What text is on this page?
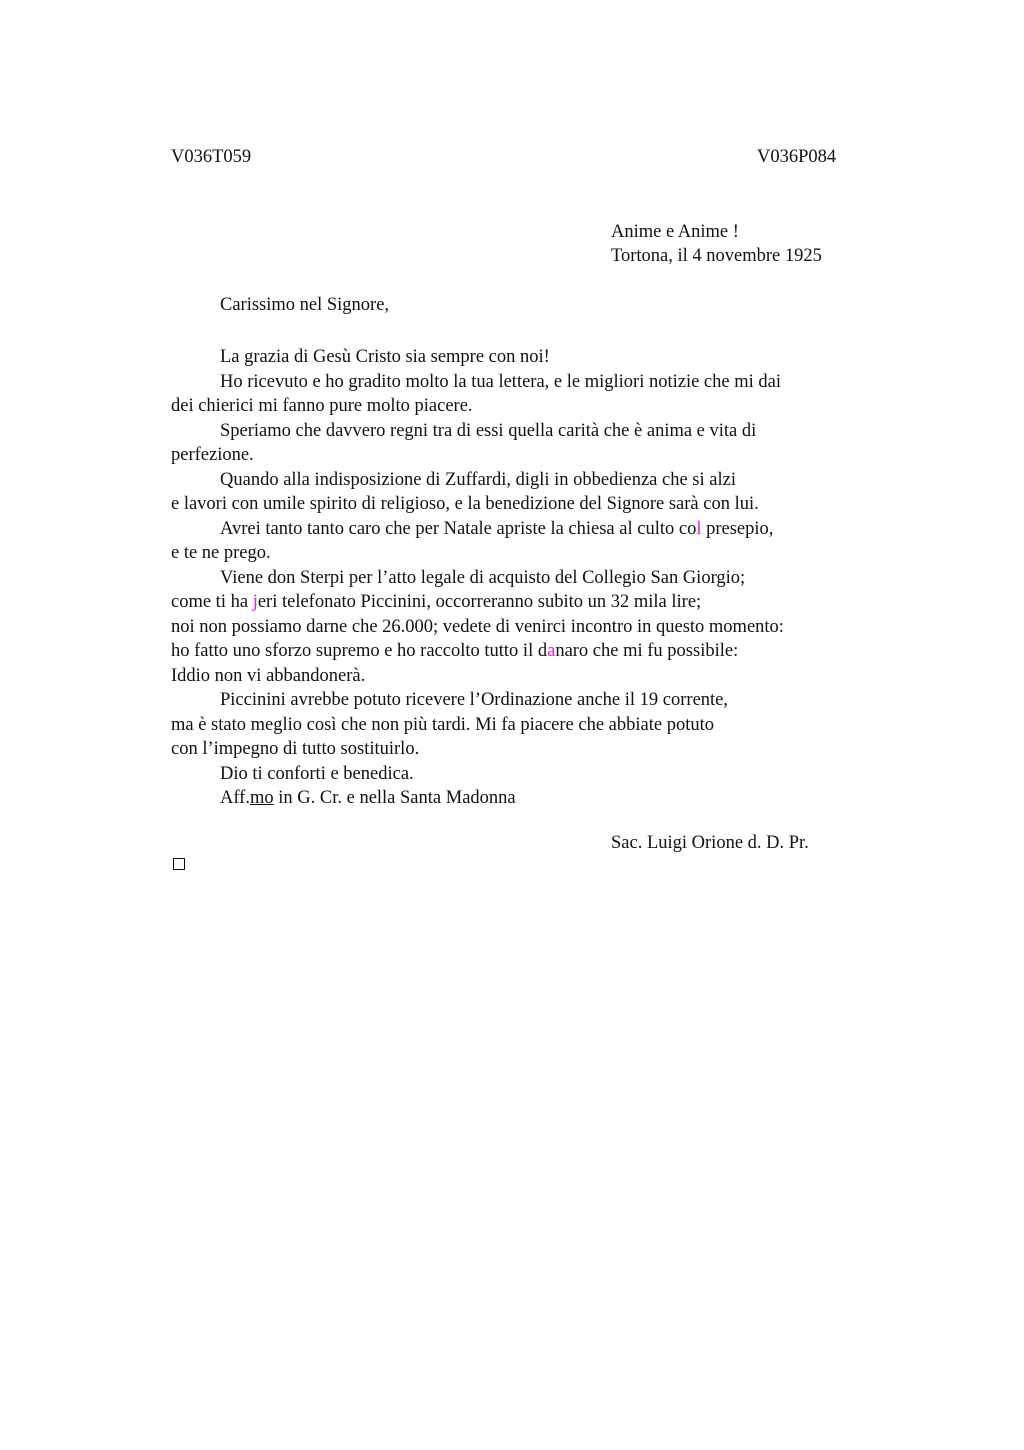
V036T059	V036P084
Anime e Anime !
Tortona, il 4 novembre 1925
Carissimo nel Signore,
La grazia di Gesù Cristo sia sempre con noi!
Ho ricevuto e ho gradito molto la tua lettera, e le migliori notizie che mi dai
dei chierici mi fanno pure molto piacere.
Speriamo che davvero regni tra di essi quella carità che è anima e vita di
perfezione.
Quando alla indisposizione di Zuffardi, digli in obbedienza che si alzi
e lavori con umile spirito di religioso, e la benedizione del Signore sarà con lui.
Avrei tanto tanto caro che per Natale apriste la chiesa al culto col presepio,
e te ne prego.
Viene don Sterpi per l’atto legale di acquisto del Collegio San Giorgio;
come ti ha jeri telefonato Piccinini, occorreranno subito un 32 mila lire;
noi non possiamo darne che 26.000; vedete di venirci incontro in questo momento:
ho fatto uno sforzo supremo e ho raccolto tutto il danaro che mi fu possibile:
Iddio non vi abbandonerà.
Piccinini avrebbe potuto ricevere l’Ordinazione anche il 19 corrente,
ma è stato meglio così che non più tardi. Mi fa piacere che abbiate potuto
con l’impegno di tutto sostituirlo.
Dio ti conforti e benedica.
Aff.mo in G. Cr. e nella Santa Madonna
Sac. Luigi Orione d. D. Pr.
